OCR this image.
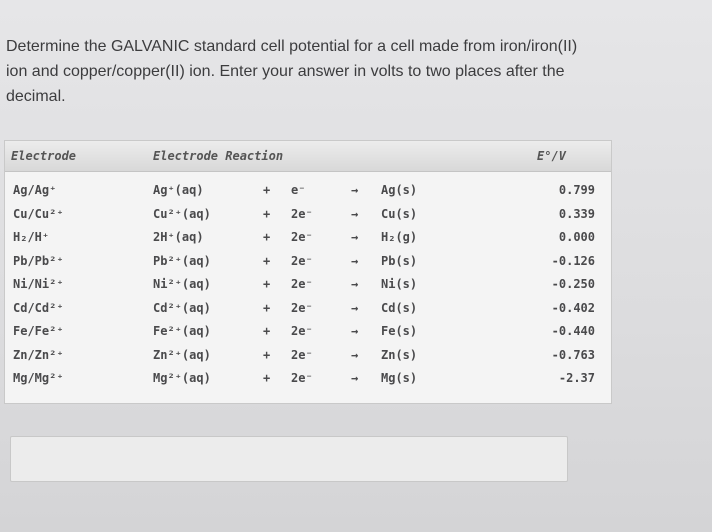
Determine the GALVANIC standard cell potential for a cell made from iron/iron(II)
ion and copper/copper(II) ion. Enter your answer in volts to two places after the
decimal.
Electrode	Electrode Reaction	E°/V
Ag/Ag⁺	Ag⁺(aq)	+ e⁻	→ Ag(s)	0.799
Cu/Cu²⁺	Cu²⁺(aq)	+ 2e⁻	→ Cu(s)	0.339
H₂/H⁺	2H⁺(aq)	+ 2e⁻	→ H₂(g)	0.000
Pb/Pb²⁺	Pb²⁺(aq)	+ 2e⁻	→ Pb(s)	-0.126
Ni/Ni²⁺	Ni²⁺(aq)	+ 2e⁻	→ Ni(s)	-0.250
Cd/Cd²⁺	Cd²⁺(aq)	+ 2e⁻	→ Cd(s)	-0.402
Fe/Fe²⁺	Fe²⁺(aq)	+ 2e⁻	→ Fe(s)	-0.440
Zn/Zn²⁺	Zn²⁺(aq)	+ 2e⁻	→ Zn(s)	-0.763
Mg/Mg²⁺	Mg²⁺(aq)	+ 2e⁻	→ Mg(s)	-2.37
